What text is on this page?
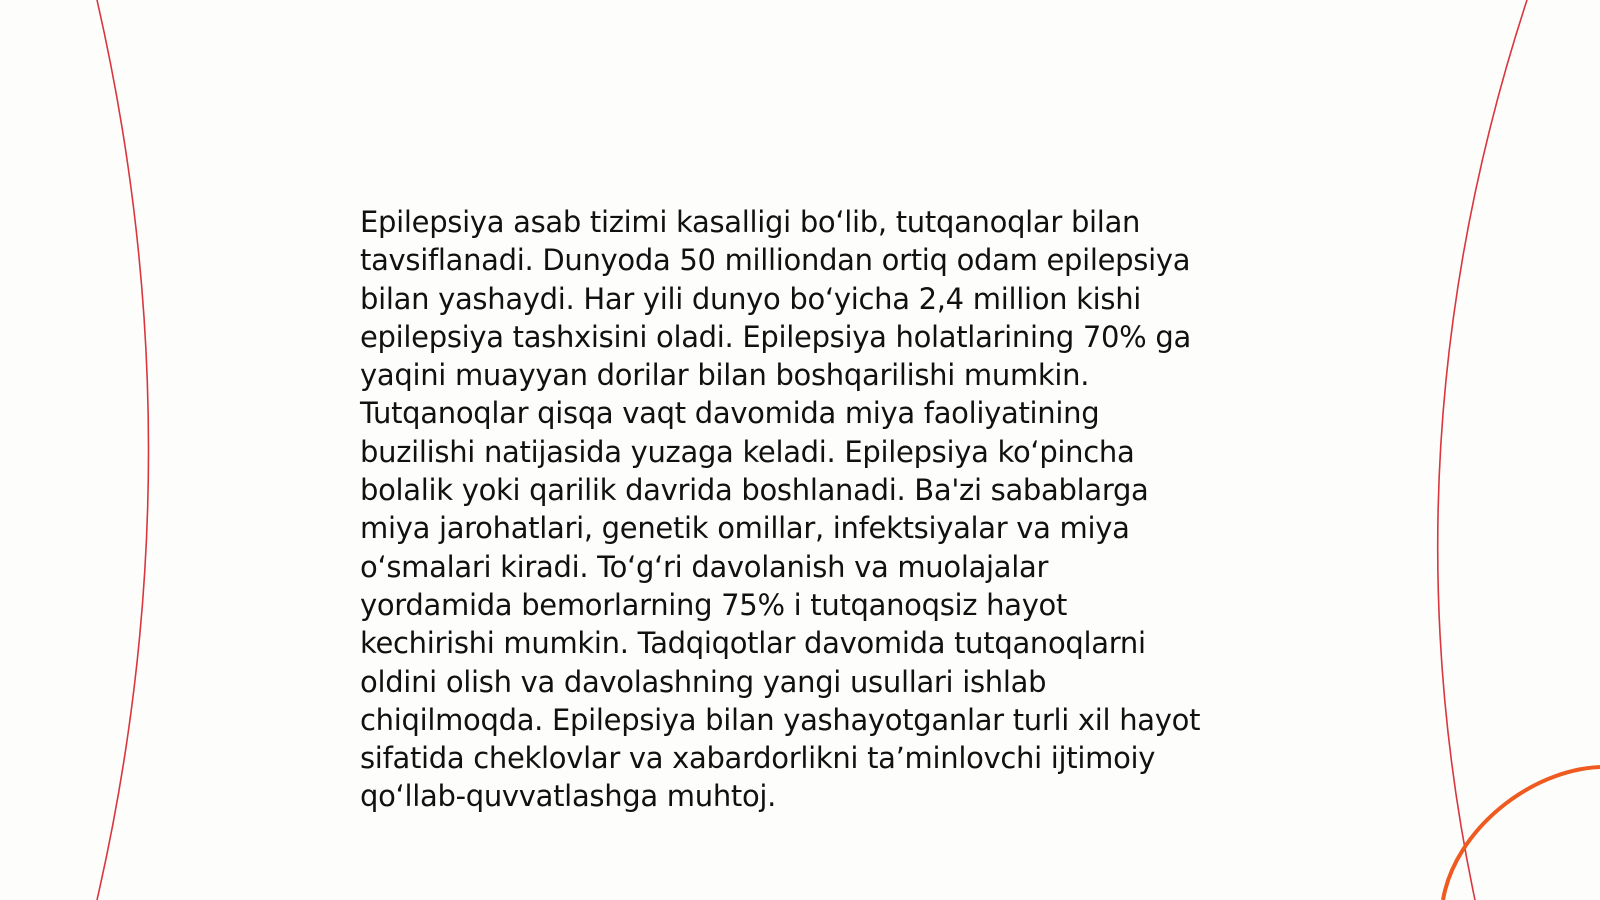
Epilepsiya asab tizimi kasalligi bo‘lib, tutqanoqlar bilan
tavsiflanadi. Dunyoda 50 milliondan ortiq odam epilepsiya
bilan yashaydi. Har yili dunyo bo‘yicha 2,4 million kishi
epilepsiya tashxisini oladi. Epilepsiya holatlarining 70% ga
yaqini muayyan dorilar bilan boshqarilishi mumkin.
Tutqanoqlar qisqa vaqt davomida miya faoliyatining
buzilishi natijasida yuzaga keladi. Epilepsiya ko‘pincha
bolalik yoki qarilik davrida boshlanadi. Ba'zi sabablarga
miya jarohatlari, genetik omillar, infektsiyalar va miya
o‘smalari kiradi. To‘g‘ri davolanish va muolajalar
yordamida bemorlarning 75% i tutqanoqsiz hayot
kechirishi mumkin. Tadqiqotlar davomida tutqanoqlarni
oldini olish va davolashning yangi usullari ishlab
chiqilmoqda. Epilepsiya bilan yashayotganlar turli xil hayot
sifatida cheklovlar va xabardorlikni ta’minlovchi ijtimoiy
qo‘llab-quvvatlashga muhtoj.
